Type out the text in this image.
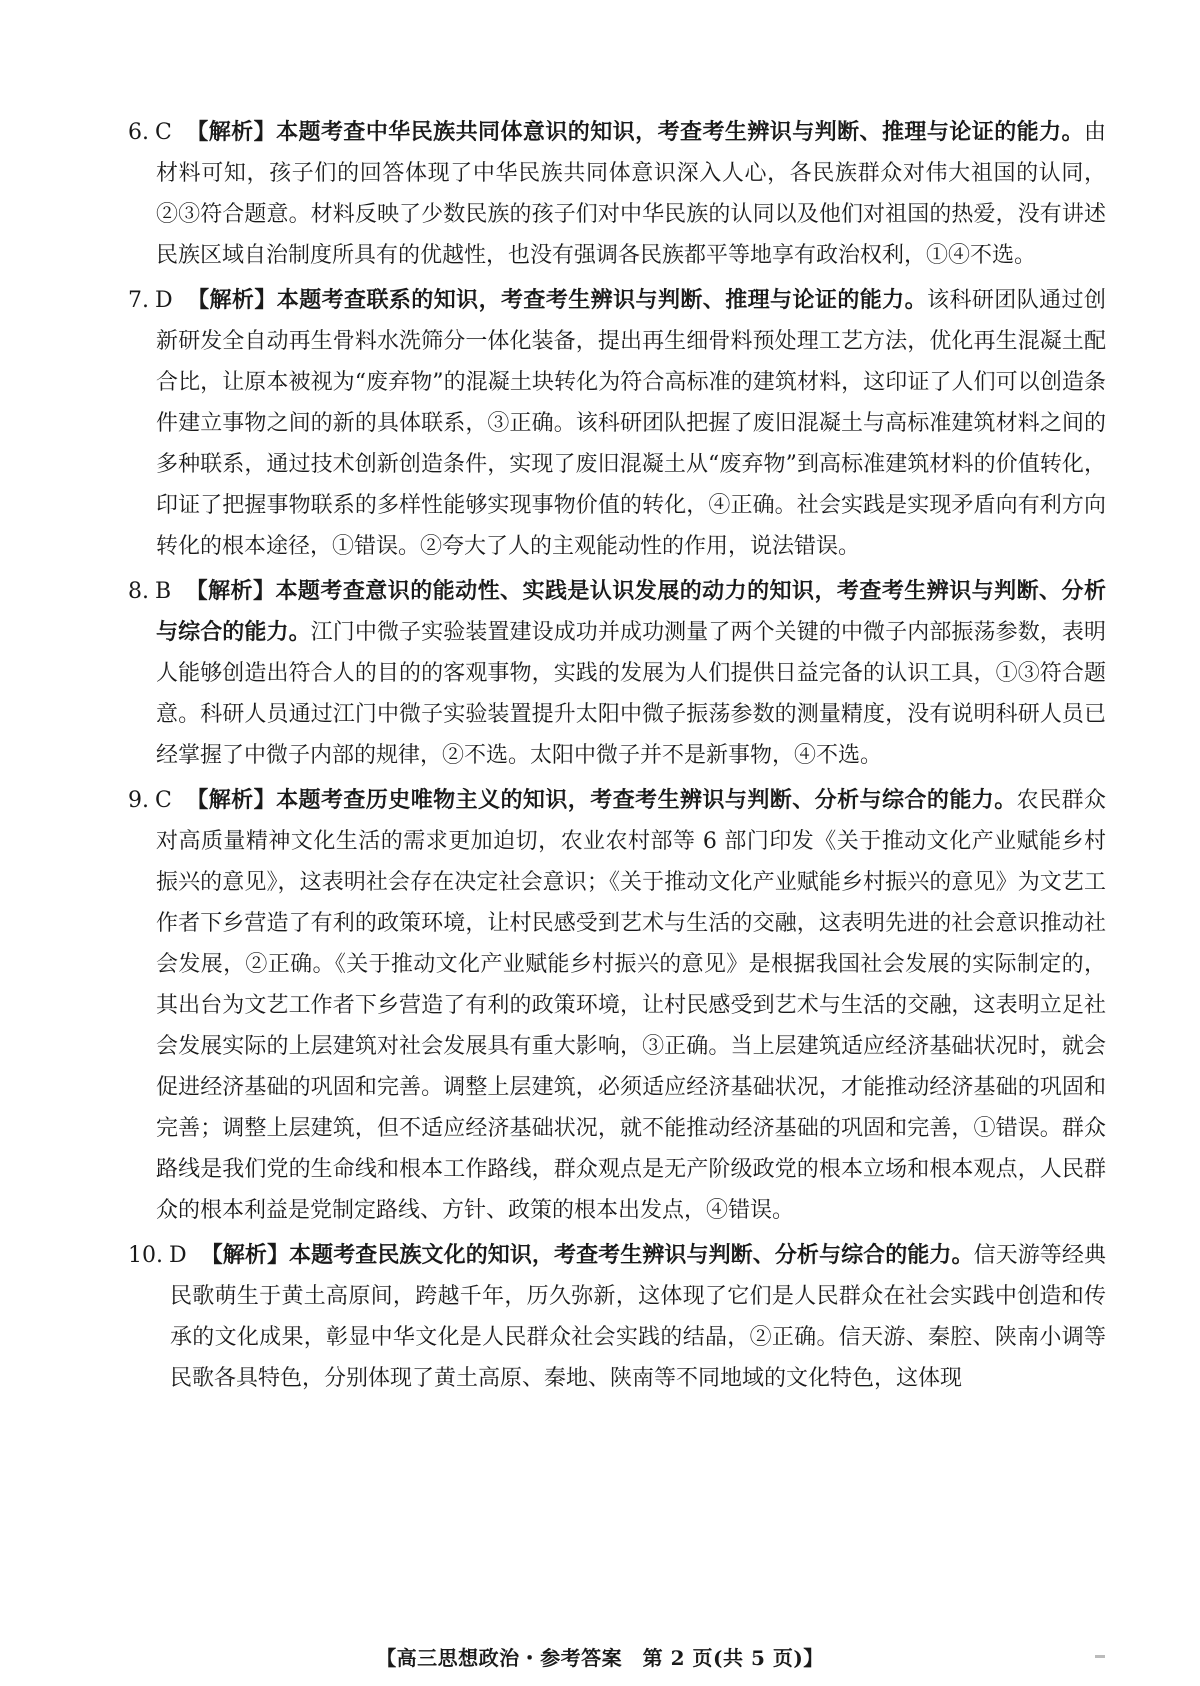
6. C 【解析】本题考查中华民族共同体意识的知识，考查考生辨识与判断、推理与论证的能力。由材料可知，孩子们的回答体现了中华民族共同体意识深入人心，各民族群众对伟大祖国的认同，②③符合题意。材料反映了少数民族的孩子们对中华民族的认同以及他们对祖国的热爱，没有讲述民族区域自治制度所具有的优越性，也没有强调各民族都平等地享有政治权利，①④不选。
7. D 【解析】本题考查联系的知识，考查考生辨识与判断、推理与论证的能力。该科研团队通过创新研发全自动再生骨料水洗筛分一体化装备，提出再生细骨料预处理工艺方法，优化再生混凝土配合比，让原本被视为“废弃物”的混凝土块转化为符合高标准的建筑材料，这印证了人们可以创造条件建立事物之间的新的具体联系，③正确。该科研团队把握了废旧混凝土与高标准建筑材料之间的多种联系，通过技术创新创造条件，实现了废旧混凝土从“废弃物”到高标准建筑材料的价值转化，印证了把握事物联系的多样性能够实现事物价值的转化，④正确。社会实践是实现矛盾向有利方向转化的根本途径，①错误。②夸大了人的主观能动性的作用，说法错误。
8. B 【解析】本题考查意识的能动性、实践是认识发展的动力的知识，考查考生辨识与判断、分析与综合的能力。江门中微子实验装置建设成功并成功测量了两个关键的中微子内部振荡参数，表明人能够创造出符合人的目的的客观事物，实践的发展为人们提供日益完备的认识工具，①③符合题意。科研人员通过江门中微子实验装置提升太阳中微子振荡参数的测量精度，没有说明科研人员已经掌握了中微子内部的规律，②不选。太阳中微子并不是新事物，④不选。
9. C 【解析】本题考查历史唯物主义的知识，考查考生辨识与判断、分析与综合的能力。农民群众对高质量精神文化生活的需求更加迫切，农业农村部等 6 部门印发《关于推动文化产业赋能乡村振兴的意见》，这表明社会存在决定社会意识；《关于推动文化产业赋能乡村振兴的意见》为文艺工作者下乡营造了有利的政策环境，让村民感受到艺术与生活的交融，这表明先进的社会意识推动社会发展，②正确。《关于推动文化产业赋能乡村振兴的意见》是根据我国社会发展的实际制定的，其出台为文艺工作者下乡营造了有利的政策环境，让村民感受到艺术与生活的交融，这表明立足社会发展实际的上层建筑对社会发展具有重大影响，③正确。当上层建筑适应经济基础状况时，就会促进经济基础的巩固和完善。调整上层建筑，必须适应经济基础状况，才能推动经济基础的巩固和完善；调整上层建筑，但不适应经济基础状况，就不能推动经济基础的巩固和完善，①错误。群众路线是我们党的生命线和根本工作路线，群众观点是无产阶级政党的根本立场和根本观点，人民群众的根本利益是党制定路线、方针、政策的根本出发点，④错误。
10. D 【解析】本题考查民族文化的知识，考查考生辨识与判断、分析与综合的能力。信天游等经典民歌萌生于黄土高原间，跨越千年，历久弥新，这体现了它们是人民群众在社会实践中创造和传承的文化成果，彰显中华文化是人民群众社会实践的结晶，②正确。信天游、秦腔、陕南小调等民歌各具特色，分别体现了黄土高原、秦地、陕南等不同地域的文化特色，这体现
【高三思想政治・参考答案　第 2 页(共 5 页)】
